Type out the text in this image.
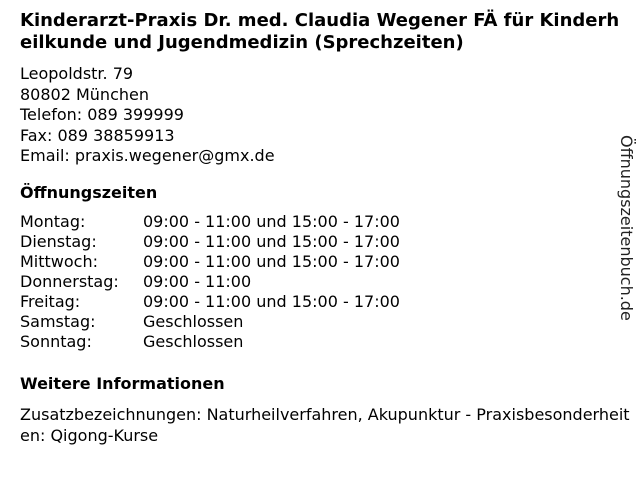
Kinderarzt-Praxis Dr. med. Claudia Wegener FÄ für Kinderheilkunde und Jugendmedizin (Sprechzeiten)
Leopoldstr. 79
80802 München
Telefon: 089 399999
Fax: 089 38859913
Email: praxis.wegener@gmx.de
Öffnungszeiten
Montag:	09:00 - 11:00 und 15:00 - 17:00
Dienstag:	09:00 - 11:00 und 15:00 - 17:00
Mittwoch:	09:00 - 11:00 und 15:00 - 17:00
Donnerstag:	09:00 - 11:00
Freitag:	09:00 - 11:00 und 15:00 - 17:00
Samstag:	Geschlossen
Sonntag:	Geschlossen
Weitere Informationen

Zusatzbezeichnungen: Naturheilverfahren, Akupunktur - Praxisbesonderheiten: Qigong-Kurse

Öffnungszeitenbuch.de
